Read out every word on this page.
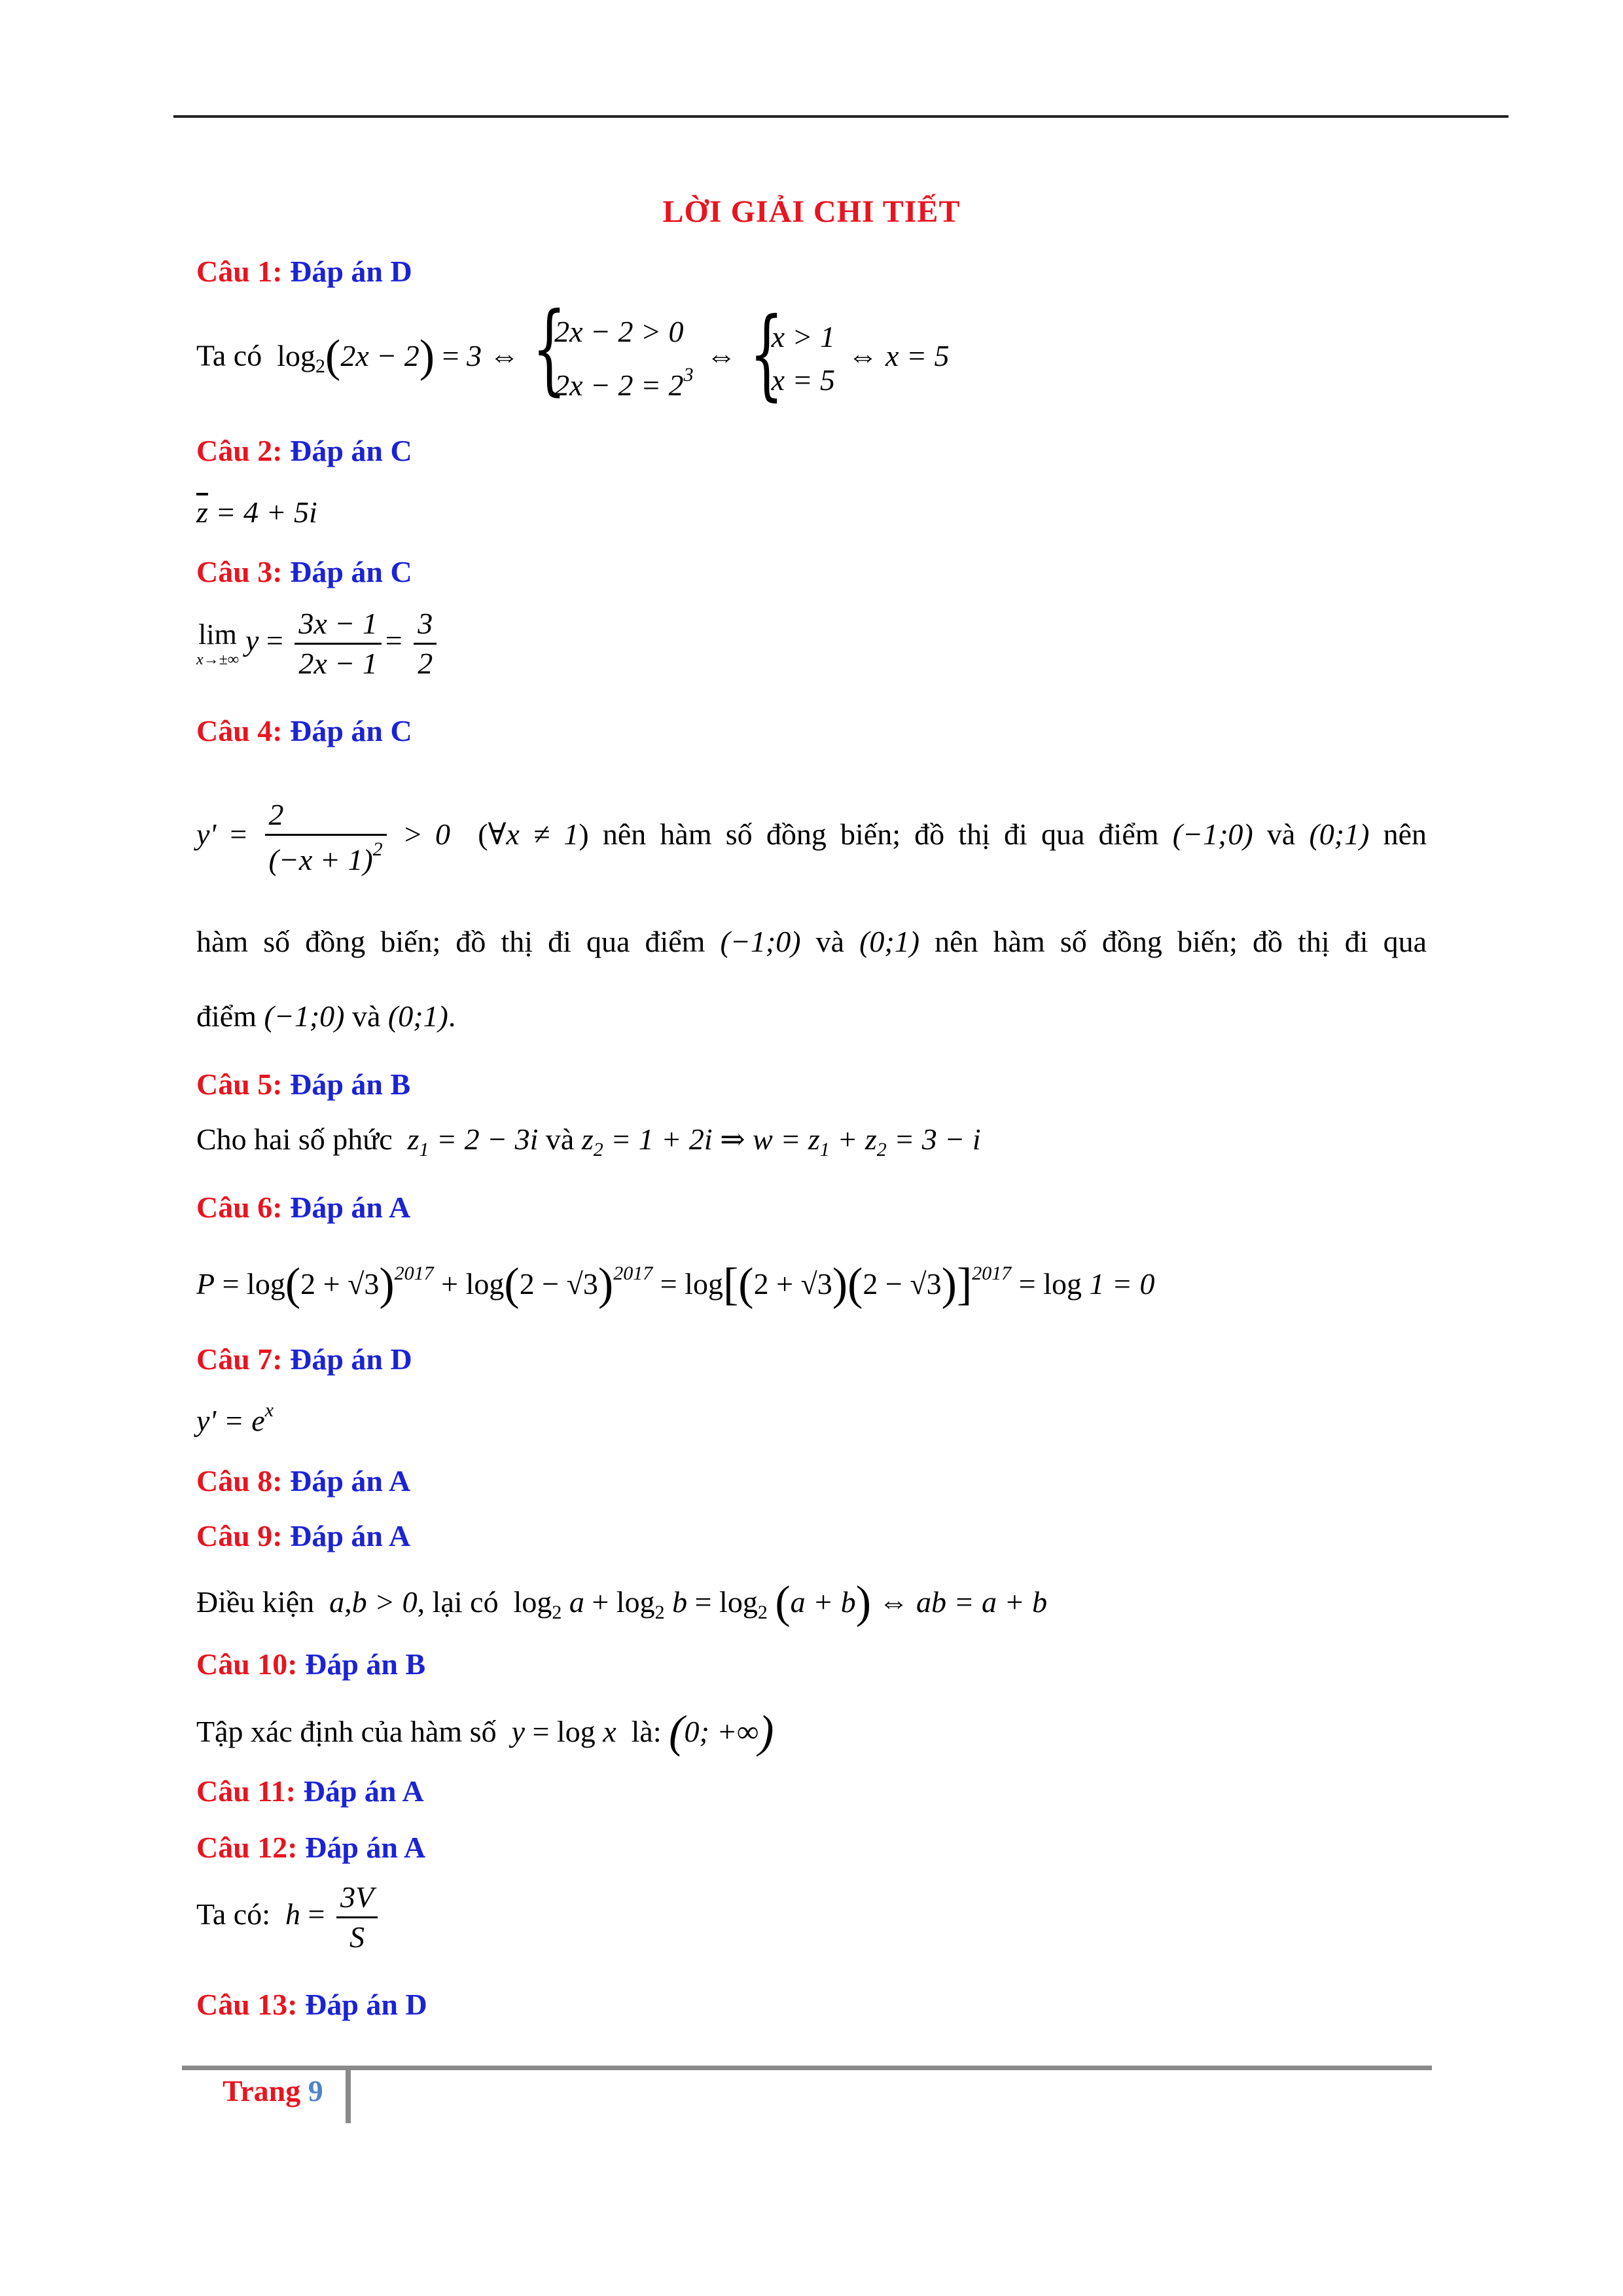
LỜI GIẢI CHI TIẾT
Câu 1: Đáp án D
Ta có  $\log_2(2x - 2) = 3$ ⇔ {
2x − 2 > 0
$2x - 2 = 2^3$
⇔ {
x > 1
x = 5
⇔ x = 5
Câu 2: Đáp án C
$\overline{z} = 4 + 5i$
Câu 3: Đáp án C
lim
x→±∞
$y = \frac{3x - 1}{2x - 1} = \frac{3}{2}$
Câu 4: Đáp án C
$y' = \frac{2}{(-x + 1)^2} > 0$  (∀x ≠ 1) nên hàm số đồng biến; đồ thị đi qua điểm (−1;0) và (0;1) nên
hàm số đồng biến; đồ thị đi qua điểm (−1;0) và (0;1) nên hàm số đồng biến; đồ thị đi qua
điểm (−1;0) và (0;1).
Câu 5: Đáp án B
Cho hai số phức  $z_1 = 2 - 3i$ và $z_2 = 1 + 2i$ ⇒ $w = z_1 + z_2 = 3 - i$
Câu 6: Đáp án A
$P = \log(2 + √3)^{2017} + \log(2 - √3)^{2017} = \log[(2 + √3)(2 - √3)]^{2017} = \log 1 = 0$
Câu 7: Đáp án D
$y' = e^x$
Câu 8: Đáp án A
Câu 9: Đáp án A
Điều kiện  a,b > 0, lại có  $\log_2 a + \log_2 b = \log_2 (a + b)$ ⇔ ab = a + b
Câu 10: Đáp án B
Tập xác định của hàm số y = log x là: (0; +∞)
Câu 11: Đáp án A
Câu 12: Đáp án A
Ta có:  $h = \frac{3V}{S}$
Câu 13: Đáp án D
Trang 9
